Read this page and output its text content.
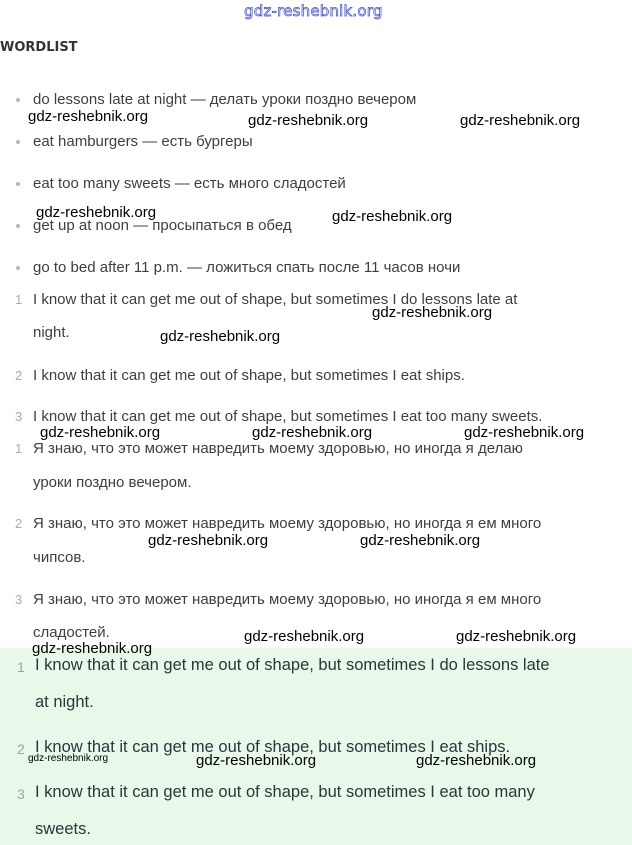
gdz-reshebnik.org
WORDLIST
do lessons late at night — делать уроки поздно вечером
eat hamburgers — есть бургеры
eat too many sweets — есть много сладостей
get up at noon — просыпаться в обед
go to bed after 11 p.m. — ложиться спать после 11 часов ночи
1 I know that it can get me out of shape, but sometimes I do lessons late at
night.
2 I know that it can get me out of shape, but sometimes I eat ships.
3 I know that it can get me out of shape, but sometimes I eat too many sweets.
1 Я знаю, что это может навредить моему здоровью, но иногда я делаю
уроки поздно вечером.
2 Я знаю, что это может навредить моему здоровью, но иногда я ем много
чипсов.
3 Я знаю, что это может навредить моему здоровью, но иногда я ем много
сладостей.
1 I know that it can get me out of shape, but sometimes I do lessons late
at night.
2 I know that it can get me out of shape, but sometimes I eat ships.
3 I know that it can get me out of shape, but sometimes I eat too many
sweets.
gdz-reshebnik.org	gdz-reshebnik.org	gdz-reshebnik.org
gdz-reshebnik.org	gdz-reshebnik.org
gdz-reshebnik.org
gdz-reshebnik.org
gdz-reshebnik.org	gdz-reshebnik.org	gdz-reshebnik.org
gdz-reshebnik.org	gdz-reshebnik.org
gdz-reshebnik.org	gdz-reshebnik.org
gdz-reshebnik.org
gdz-reshebnik.org	gdz-reshebnik.org	gdz-reshebnik.org
